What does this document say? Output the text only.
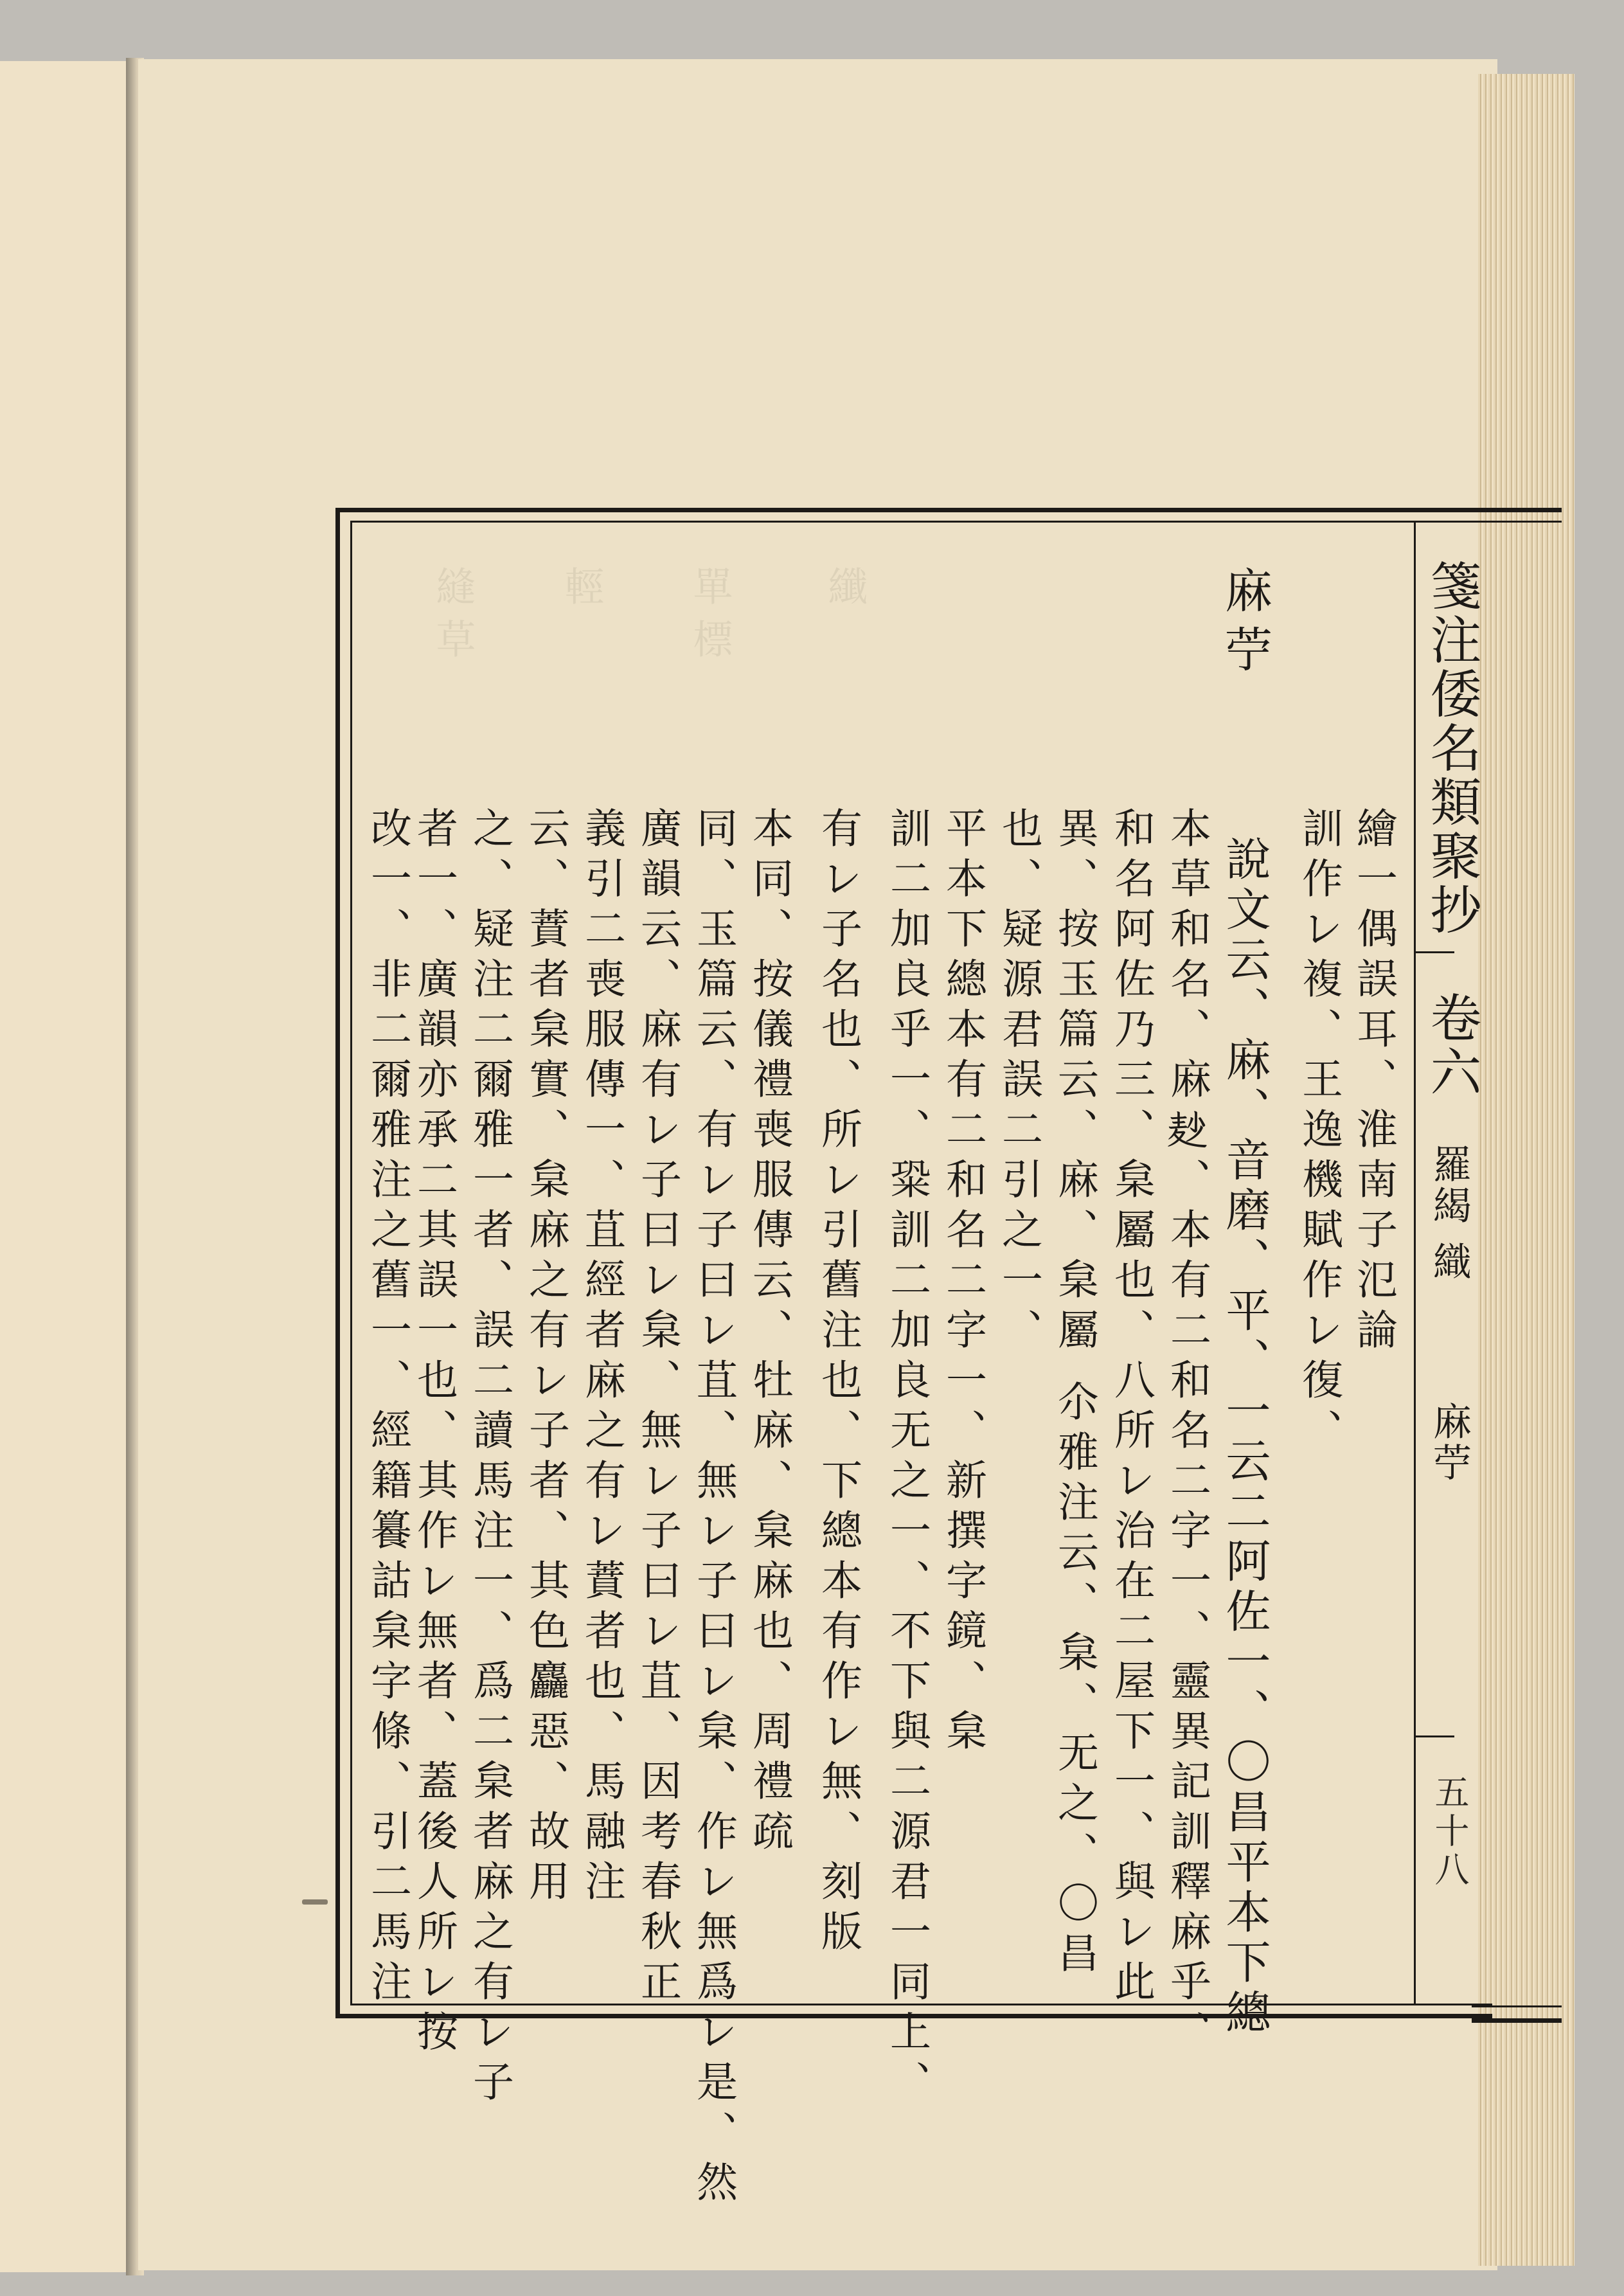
縫草 輕 單標 纖	箋注倭名類聚抄　卷六
羅䋵 織
麻苧
五十八
麻苧
繪一偶誤耳、淮南子氾論
訓作レ複、王逸機賦作レ復、
本草和名、麻𪎊、本有二和名二字一、靈異記訓釋麻乎、
和名阿佐乃三、枲屬也、八所レ治在二屋下一、與レ此
異、按玉篇云、麻、枲屬 尒雅注云、枲、无之、〇昌
也、疑源君誤二引之一、
平本下總本有二和名二字一、新撰字鏡、枲
訓二加良乎一、䊄訓二加良无之一、不下與二源君一同上、
有レ子名也、所レ引舊注也、下總本有作レ無、刻版
本同、按儀禮喪服傳云、牡麻、枲麻也、周禮疏
同、玉篇云、有レ子曰レ苴、無レ子曰レ枲、作レ無爲レ是、然
廣韻云、麻有レ子曰レ枲、無レ子曰レ苴、因考春秋正
義引二喪服傳一、苴經者麻之有レ蕡者也、馬融注
云、蕡者枲實、枲麻之有レ子者、其色麤惡、故用
之、疑注二爾雅一者、誤二讀馬注一、爲二枲者麻之有レ子
者一、廣韻亦承二其誤一也、其作レ無者、蓋後人所レ按
改一、非二爾雅注之舊一、經籍籑詁枲字條、引二馬注	說文云、麻、音磨、平、一云二阿佐一、〇昌平本下總
